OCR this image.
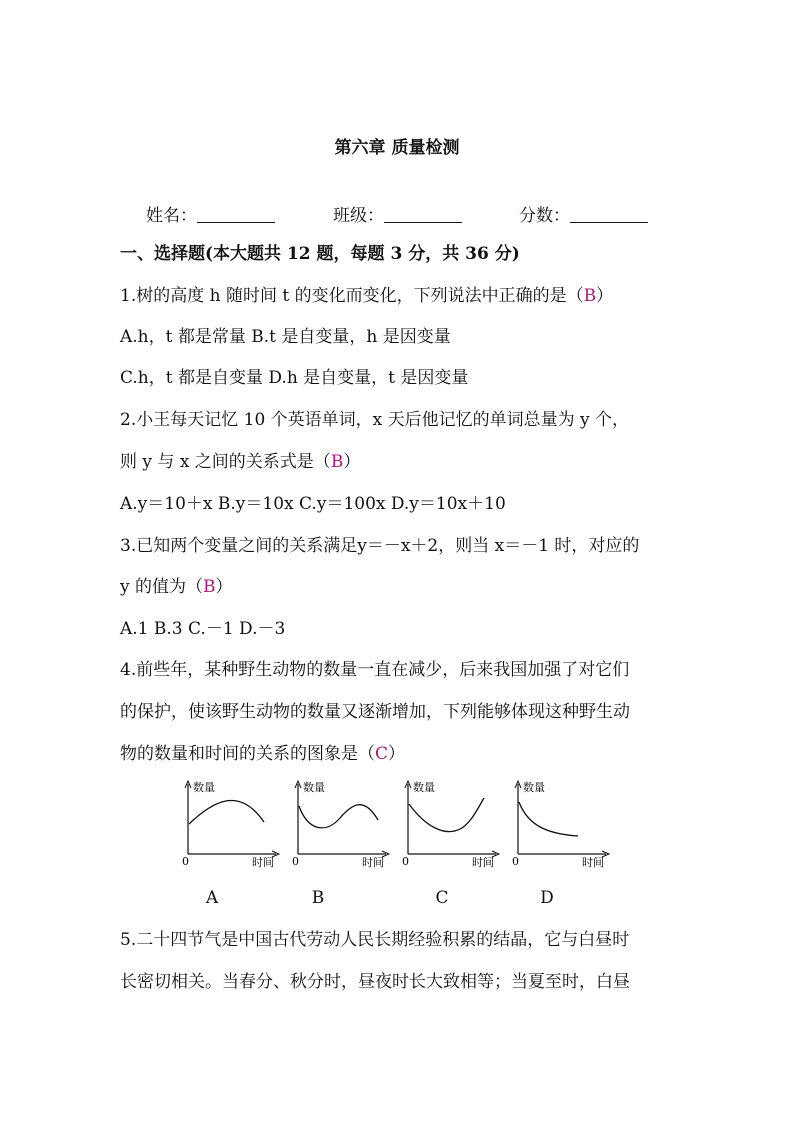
第六章 质量检测
姓名：	班级：	分数：
一、选择题(本大题共 12 题，每题 3 分，共 36 分)
1.树的高度 h 随时间 t 的变化而变化，下列说法中正确的是（B）
A.h，t 都是常量 B.t 是自变量，h 是因变量
C.h，t 都是自变量 D.h 是自变量，t 是因变量
2.小王每天记忆 10 个英语单词，x 天后他记忆的单词总量为 y 个，
则 y 与 x 之间的关系式是（B）
A.y＝10＋x B.y＝10x C.y＝100x D.y＝10x＋10
3.已知两个变量之间的关系满足y＝－x＋2，则当 x＝－1 时，对应的
y 的值为（B）
A.1 B.3 C.－1 D.－3
4.前些年，某种野生动物的数量一直在减少，后来我国加强了对它们
的保护，使该野生动物的数量又逐渐增加，下列能够体现这种野生动
物的数量和时间的关系的图象是（C）
数量
时间
0
数量
时间
0
数量
时间
0
数量
时间
0
A	B	C	D
5.二十四节气是中国古代劳动人民长期经验积累的结晶，它与白昼时
长密切相关。当春分、秋分时，昼夜时长大致相等；当夏至时，白昼
